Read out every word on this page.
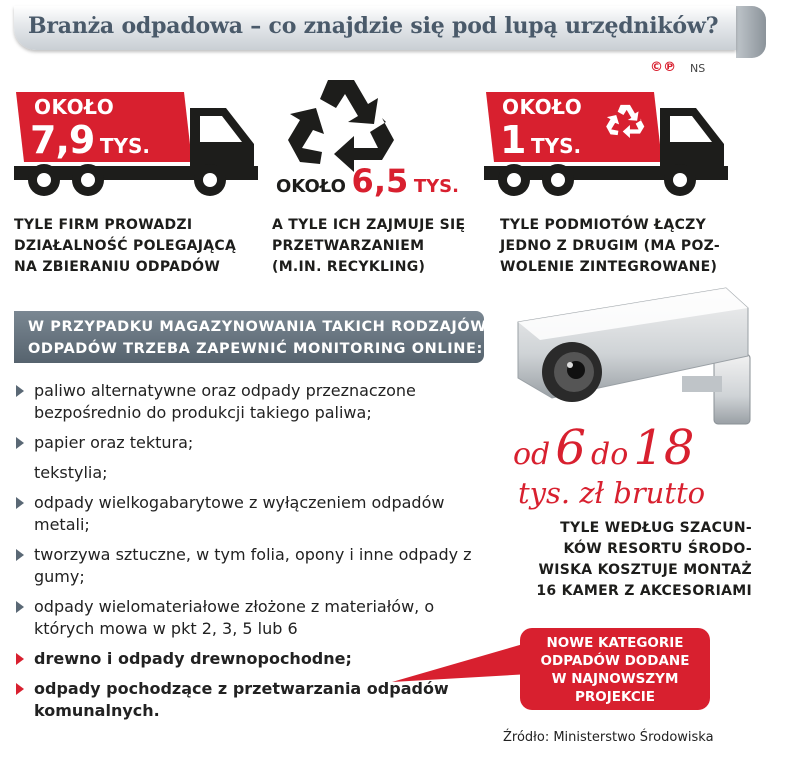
Branża odpadowa – co znajdzie się pod lupą urzędników?
©℗ NS
OKOŁO
7,9 TYS.
OKOŁO 6,5 TYS.
OKOŁO
1 TYS.
TYLE FIRM PROWADZI
DZIAŁALNOŚĆ POLEGAJĄCĄ
NA ZBIERANIU ODPADÓW
A TYLE ICH ZAJMUJE SIĘ
PRZETWARZANIEM
(M.IN. RECYKLING)
TYLE PODMIOTÓW ŁĄCZY
JEDNO Z DRUGIM (MA POZ-
WOLENIE ZINTEGROWANE)
W PRZYPADKU MAGAZYNOWANIA TAKICH RODZAJÓW
ODPADÓW TRZEBA ZAPEWNIĆ MONITORING ONLINE:
paliwo alternatywne oraz odpady przeznaczone bezpośrednio do produkcji takiego paliwa;
papier oraz tektura;
tekstylia;
odpady wielkogabarytowe z wyłączeniem odpadów metali;
tworzywa sztuczne, w tym folia, opony i inne odpady z gumy;
odpady wielomateriałowe złożone z materiałów, o których mowa w pkt 2, 3, 5 lub 6
drewno i odpady drewnopochodne;
odpady pochodzące z przetwarzania odpadów komunalnych.
od 6 do 18
tys. zł brutto
TYLE WEDŁUG SZACUN-
KÓW RESORTU ŚRODO-
WISKA KOSZTUJE MONTAŻ
16 KAMER Z AKCESORIAMI
NOWE KATEGORIE
ODPADÓW DODANE
W NAJNOWSZYM
PROJEKCIE
Źródło: Ministerstwo Środowiska
